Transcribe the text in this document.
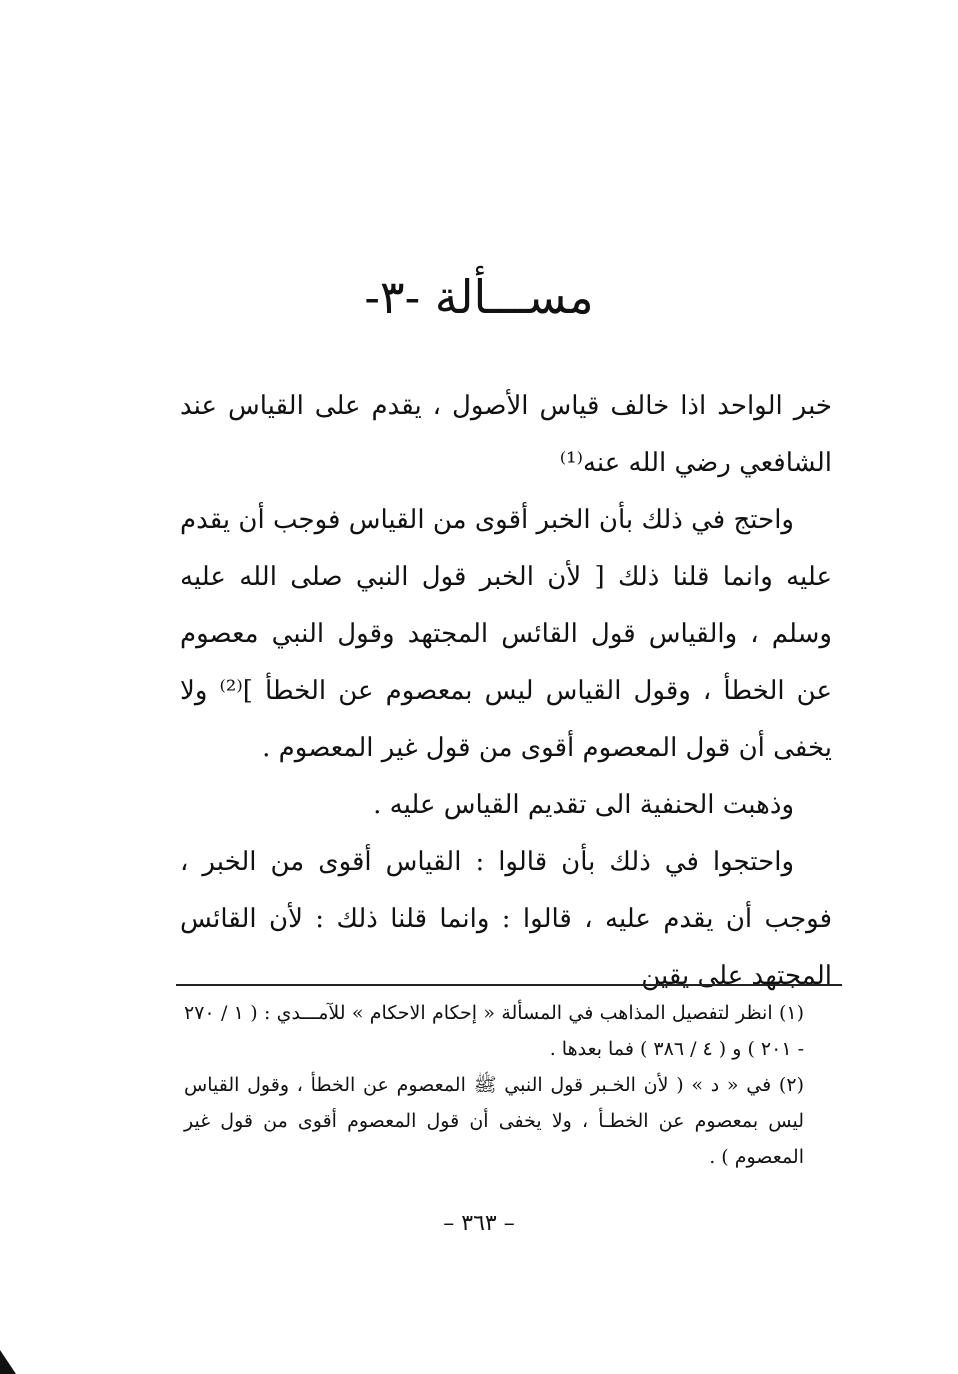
مســـألة -٣-

خبر الواحد اذا خالف قياس الأصول ، يقدم على القياس عند الشافعي رضي الله عنه⁽¹⁾

واحتج في ذلك بأن الخبر أقوى من القياس فوجب أن يقدم عليه وانما قلنا ذلك [ لأن الخبر قول النبي صلى الله عليه وسلم ، والقياس قول القائس المجتهد وقول النبي معصوم عن الخطأ ، وقول القياس ليس بمعصوم عن الخطأ ]⁽²⁾ ولا يخفى أن قول المعصوم أقوى من قول غير المعصوم .

وذهبت الحنفية الى تقديم القياس عليه .

واحتجوا في ذلك بأن قالوا : القياس أقوى من الخبر ، فوجب أن يقدم عليه ، قالوا : وانما قلنا ذلك : لأن القائس المجتهد على يقين

(١) انظر لتفصيل المذاهب في المسألة « إحكام الاحكام » للآمـــدي : ( ١ / ٢٧٠ - ٢٠١ ) و ( ٤ / ٣٨٦ ) فما بعدها .

(٢) في « د » ( لأن الخـبر قول النبي ﷺ المعصوم عن الخطأ ، وقول القياس ليس بمعصوم عن الخطـأ ، ولا يخفى أن قول المعصوم أقوى من قول غير المعصوم ) .

– ٣٦٣ –
